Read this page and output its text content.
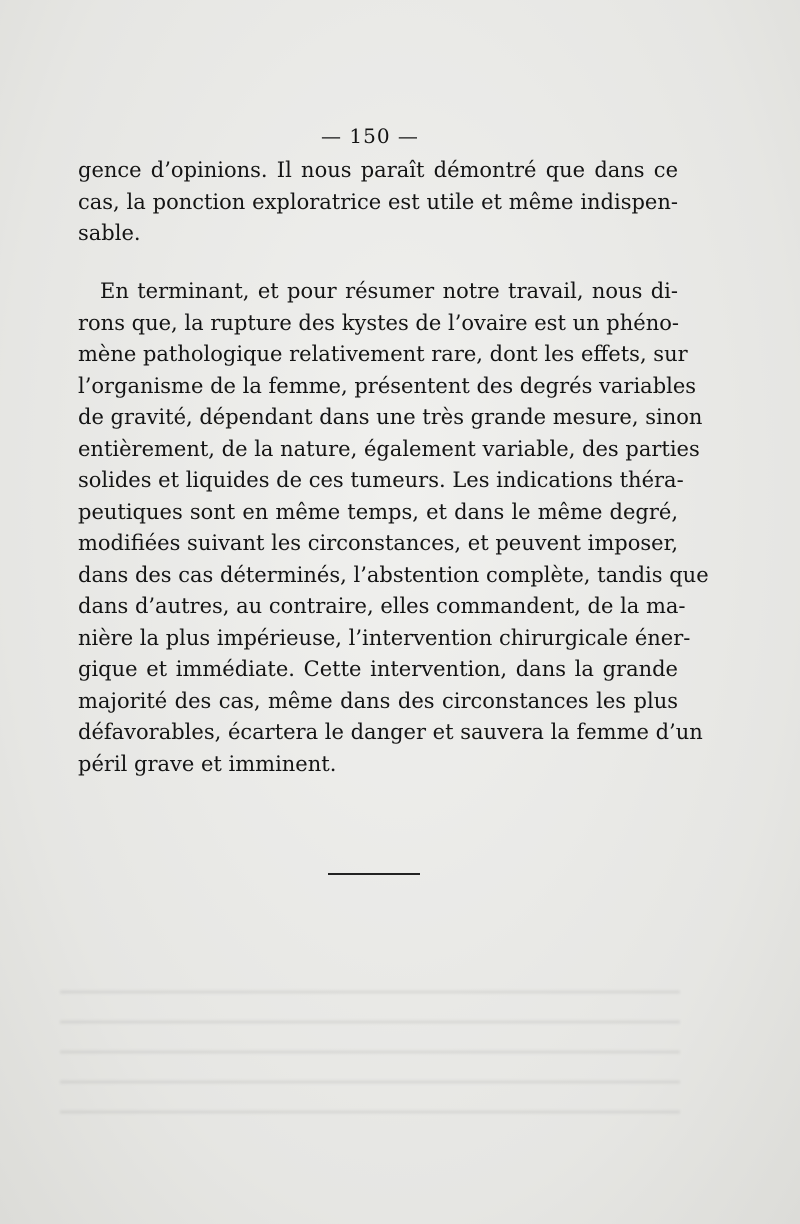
— 150 —
gence d’opinions. Il nous paraît démontré que dans ce
cas, la ponction exploratrice est utile et même indispen-
sable.
En terminant, et pour résumer notre travail, nous di-
rons que, la rupture des kystes de l’ovaire est un phéno-
mène pathologique relativement rare, dont les effets, sur
l’organisme de la femme, présentent des degrés variables
de gravité, dépendant dans une très grande mesure, sinon
entièrement, de la nature, également variable, des parties
solides et liquides de ces tumeurs. Les indications théra-
peutiques sont en même temps, et dans le même degré,
modifiées suivant les circonstances, et peuvent imposer,
dans des cas déterminés, l’abstention complète, tandis que
dans d’autres, au contraire, elles commandent, de la ma-
nière la plus impérieuse, l’intervention chirurgicale éner-
gique et immédiate. Cette intervention, dans la grande
majorité des cas, même dans des circonstances les plus
défavorables, écartera le danger et sauvera la femme d’un
péril grave et imminent.
